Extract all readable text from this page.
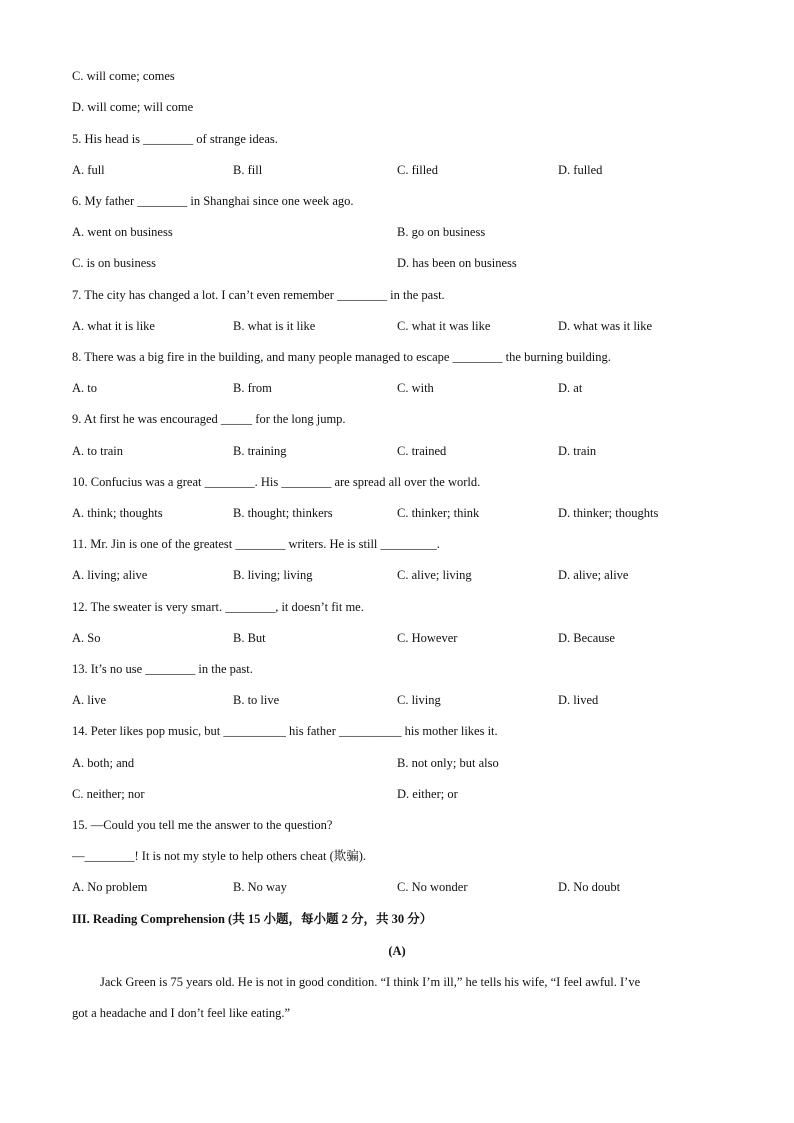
C. will come; comes
D. will come; will come
5. His head is ________ of strange ideas.
A. full	B. fill	C. filled	D. fulled
6. My father ________ in Shanghai since one week ago.
A. went on business	B. go on business
C. is on business	D. has been on business
7. The city has changed a lot. I can’t even remember ________ in the past.
A. what it is like	B. what is it like	C. what it was like	D. what was it like
8. There was a big fire in the building, and many people managed to escape ________ the burning building.
A. to	B. from	C. with	D. at
9. At first he was encouraged _____ for the long jump.
A. to train	B. training	C. trained	D. train
10. Confucius was a great ________. His ________ are spread all over the world.
A. think; thoughts	B. thought; thinkers	C. thinker; think	D. thinker; thoughts
11. Mr. Jin is one of the greatest ________ writers. He is still _________.
A. living; alive	B. living; living	C. alive; living	D. alive; alive
12. The sweater is very smart. ________, it doesn’t fit me.
A. So	B. But	C. However	D. Because
13. It’s no use ________ in the past.
A. live	B. to live	C. living	D. lived
14. Peter likes pop music, but __________ his father __________ his mother likes it.
A. both; and	B. not only; but also
C. neither; nor	D. either; or
15. —Could you tell me the answer to the question?
—________! It is not my style to help others cheat (欺骗).
A. No problem	B. No way	C. No wonder	D. No doubt
III. Reading Comprehension (共 15 小题，每小题 2 分，共 30 分）
(A)
Jack Green is 75 years old. He is not in good condition. “I think I’m ill,” he tells his wife, “I feel awful. I’ve
got a headache and I don’t feel like eating.”
